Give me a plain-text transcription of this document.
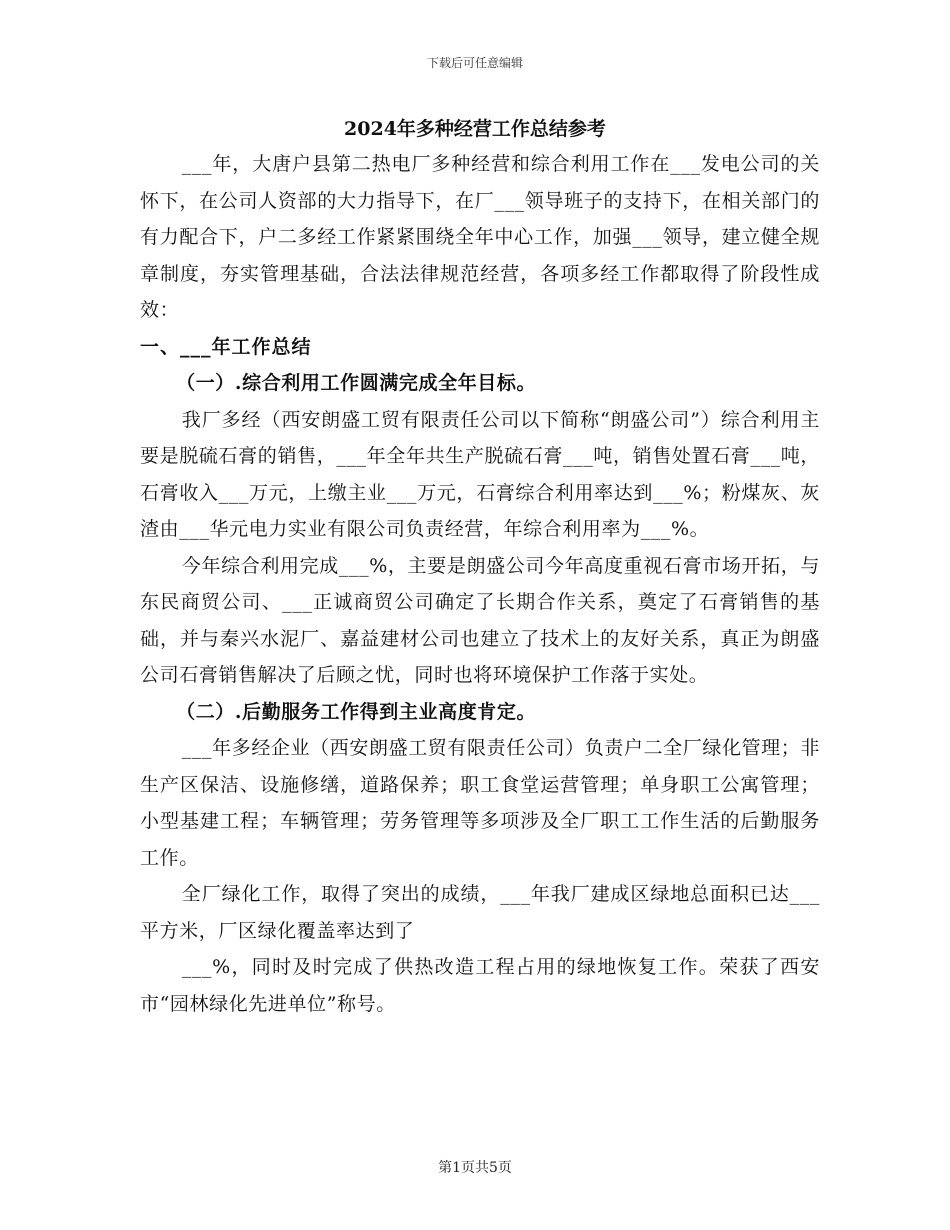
下载后可任意编辑
2024年多种经营工作总结参考

___年，大唐户县第二热电厂多种经营和综合利用工作在___发电公司的关怀下，在公司人资部的大力指导下，在厂___领导班子的支持下，在相关部门的有力配合下，户二多经工作紧紧围绕全年中心工作，加强___领导，建立健全规章制度，夯实管理基础，合法法律规范经营，各项多经工作都取得了阶段性成效：

一、___年工作总结

（一）.综合利用工作圆满完成全年目标。

我厂多经（西安朗盛工贸有限责任公司以下简称“朗盛公司”）综合利用主要是脱硫石膏的销售，___年全年共生产脱硫石膏___吨，销售处置石膏___吨，石膏收入___万元，上缴主业___万元，石膏综合利用率达到___%；粉煤灰、灰渣由___华元电力实业有限公司负责经营，年综合利用率为___%。

今年综合利用完成___%，主要是朗盛公司今年高度重视石膏市场开拓，与东民商贸公司、___正诚商贸公司确定了长期合作关系，奠定了石膏销售的基础，并与秦兴水泥厂、嘉益建材公司也建立了技术上的友好关系，真正为朗盛公司石膏销售解决了后顾之忧，同时也将环境保护工作落于实处。

（二）.后勤服务工作得到主业高度肯定。

___年多经企业（西安朗盛工贸有限责任公司）负责户二全厂绿化管理；非生产区保洁、设施修缮，道路保养；职工食堂运营管理；单身职工公寓管理；小型基建工程；车辆管理；劳务管理等多项涉及全厂职工工作生活的后勤服务工作。

全厂绿化工作，取得了突出的成绩，___年我厂建成区绿地总面积已达___平方米，厂区绿化覆盖率达到了

___%，同时及时完成了供热改造工程占用的绿地恢复工作。荣获了西安市“园林绿化先进单位”称号。

第1页共5页
